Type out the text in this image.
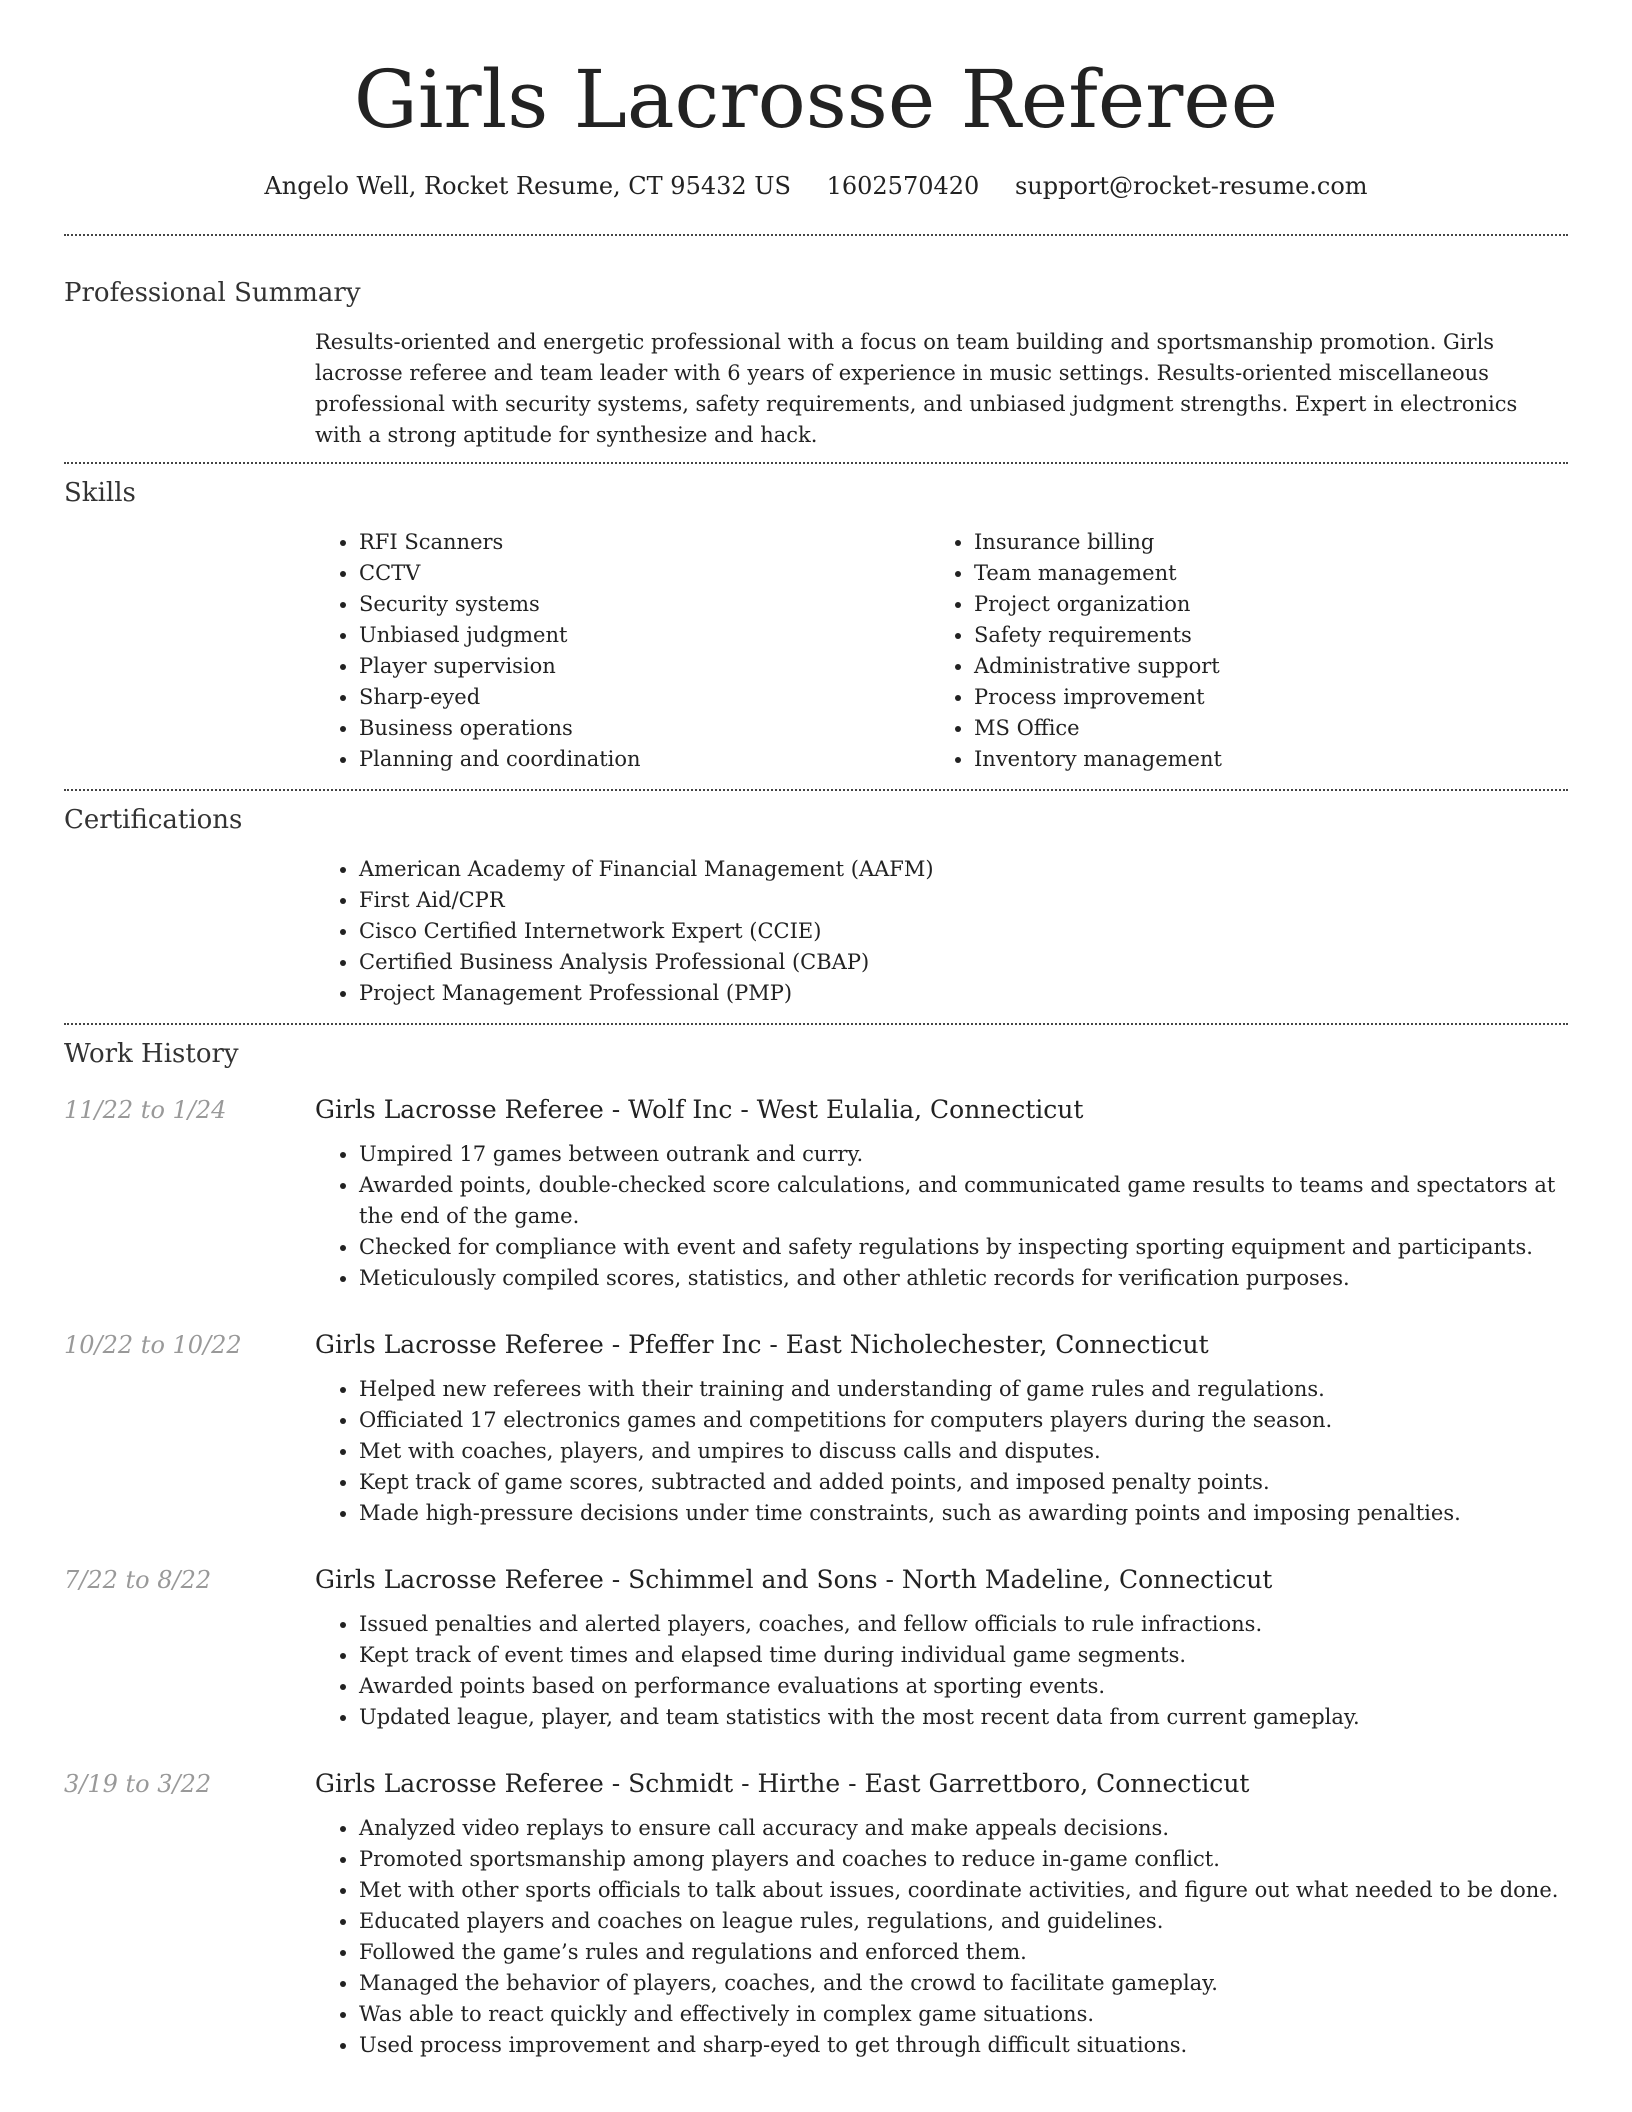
Girls Lacrosse Referee
Angelo Well, Rocket Resume, CT 95432 US 1602570420 support@rocket-resume.com
Professional Summary

Results-oriented and energetic professional with a focus on team building and sportsmanship promotion. Girls lacrosse referee and team leader with 6 years of experience in music settings. Results-oriented miscellaneous professional with security systems, safety requirements, and unbiased judgment strengths. Expert in electronics with a strong aptitude for synthesize and hack.

Skills
• RFI Scanners
• CCTV
• Security systems
• Unbiased judgment
• Player supervision
• Sharp-eyed
• Business operations
• Planning and coordination
• Insurance billing
• Team management
• Project organization
• Safety requirements
• Administrative support
• Process improvement
• MS Office
• Inventory management
Certifications
• American Academy of Financial Management (AAFM)
• First Aid/CPR
• Cisco Certified Internetwork Expert (CCIE)
• Certified Business Analysis Professional (CBAP)
• Project Management Professional (PMP)
Work History
11/22 to 1/24	Girls Lacrosse Referee - Wolf Inc - West Eulalia, Connecticut
• Umpired 17 games between outrank and curry.
• Awarded points, double-checked score calculations, and communicated game results to teams and spectators at the end of the game.
• Checked for compliance with event and safety regulations by inspecting sporting equipment and participants.
• Meticulously compiled scores, statistics, and other athletic records for verification purposes.
10/22 to 10/22	Girls Lacrosse Referee - Pfeffer Inc - East Nicholechester, Connecticut
• Helped new referees with their training and understanding of game rules and regulations.
• Officiated 17 electronics games and competitions for computers players during the season.
• Met with coaches, players, and umpires to discuss calls and disputes.
• Kept track of game scores, subtracted and added points, and imposed penalty points.
• Made high-pressure decisions under time constraints, such as awarding points and imposing penalties.
7/22 to 8/22	Girls Lacrosse Referee - Schimmel and Sons - North Madeline, Connecticut
• Issued penalties and alerted players, coaches, and fellow officials to rule infractions.
• Kept track of event times and elapsed time during individual game segments.
• Awarded points based on performance evaluations at sporting events.
• Updated league, player, and team statistics with the most recent data from current gameplay.
3/19 to 3/22	Girls Lacrosse Referee - Schmidt - Hirthe - East Garrettboro, Connecticut
• Analyzed video replays to ensure call accuracy and make appeals decisions.
• Promoted sportsmanship among players and coaches to reduce in-game conflict.
• Met with other sports officials to talk about issues, coordinate activities, and figure out what needed to be done.
• Educated players and coaches on league rules, regulations, and guidelines.
• Followed the game’s rules and regulations and enforced them.
• Managed the behavior of players, coaches, and the crowd to facilitate gameplay.
• Was able to react quickly and effectively in complex game situations.
• Used process improvement and sharp-eyed to get through difficult situations.
